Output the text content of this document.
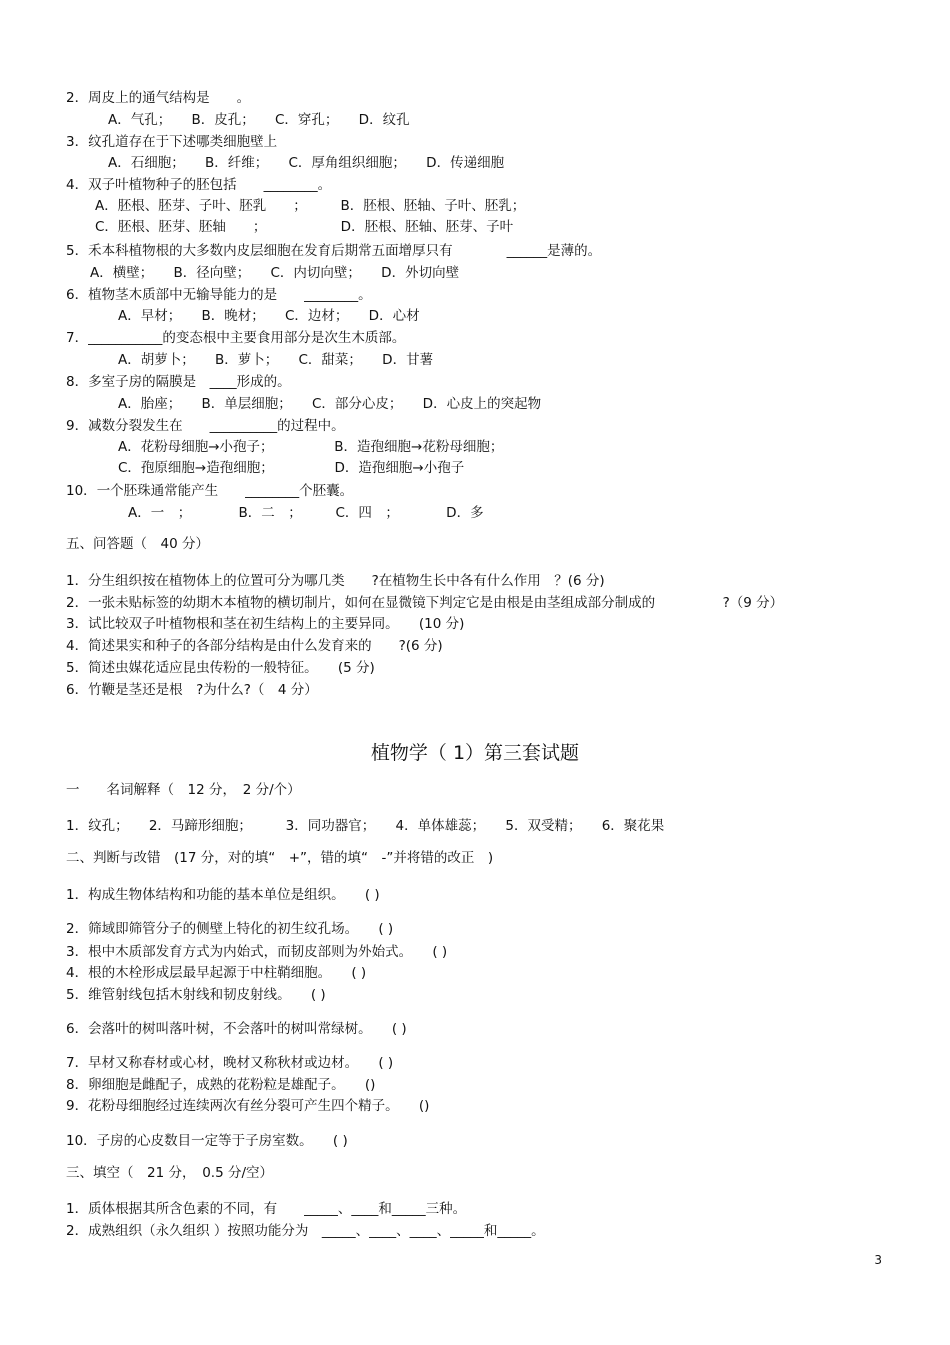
2．周皮上的通气结构是　　。
A．气孔；　　B．皮孔；　　C．穿孔；　　D．纹孔
3．纹孔道存在于下述哪类细胞壁上
A．石细胞；　　B．纤维；　　C．厚角组织细胞；　　D．传递细胞
4．双子叶植物种子的胚包括　　________。
A．胚根、胚芽、子叶、胚乳　　；　　　B．胚根、胚轴、子叶、胚乳；
C．胚根、胚芽、胚轴　　；　　　　　　D．胚根、胚轴、胚芽、子叶
5．禾本科植物根的大多数内皮层细胞在发育后期常五面增厚只有　　　　______是薄的。
A．横壁；　　B．径向壁；　　C．内切向壁；　　D．外切向壁
6．植物茎木质部中无输导能力的是　　________。
A．早材；　　B．晚材；　　C．边材；　　D．心材
7．___________的变态根中主要食用部分是次生木质部。
A．胡萝卜；　　B．萝卜；　　C．甜菜；　　D．甘薯
8．多室子房的隔膜是　____形成的。
A．胎座；　　B．单层细胞；　　C．部分心皮；　　D．心皮上的突起物
9．减数分裂发生在　　__________的过程中。
A．花粉母细胞→小孢子；　　　　　B．造孢细胞→花粉母细胞；
C．孢原细胞→造孢细胞；　　　　　D．造孢细胞→小孢子
10．一个胚珠通常能产生　　________个胚囊。
A．一　；　　　　B．二　；　　　C．四　；　　　　D．多
五、问答题（　40 分）
1．分生组织按在植物体上的位置可分为哪几类　　?在植物生长中各有什么作用　？(6 分)
2．一张未贴标签的幼期木本植物的横切制片，如何在显微镜下判定它是由根是由茎组成部分制成的　　　　　?（9 分）
3．试比较双子叶植物根和茎在初生结构上的主要异同。　　(10 分)
4．简述果实和种子的各部分结构是由什么发育来的　　?(6 分)
5．简述虫媒花适应昆虫传粉的一般特征。　　(5 分)
6．竹鞭是茎还是根　?为什么?（　4 分）
植物学（ 1）第三套试题
一　　名词解释（　12 分，　2 分/个）
1．纹孔；　　2．马蹄形细胞；　　　3．同功器官；　　4．单体雄蕊；　　5．双受精；　　6．聚花果
二、判断与改错　(17 分，对的填“　+”，错的填“　-”并将错的改正　)
1．构成生物体结构和功能的基本单位是组织。　　( )
2．筛域即筛管分子的侧壁上特化的初生纹孔场。　　( )
3．根中木质部发育方式为内始式，而韧皮部则为外始式。　　( )
4．根的木栓形成层最早起源于中柱鞘细胞。　　( )
5．维管射线包括木射线和韧皮射线。　　( )
6．会落叶的树叫落叶树，不会落叶的树叫常绿树。　　( )
7．早材又称春材或心材，晚材又称秋材或边材。　　( )
8．卵细胞是雌配子，成熟的花粉粒是雄配子。　　()
9．花粉母细胞经过连续两次有丝分裂可产生四个精子。　　()
10．子房的心皮数目一定等于子房室数。　　( )
三、填空（　21 分，　0.5 分/空）
1．质体根据其所含色素的不同，有　　_____、____和_____三种。
2．成熟组织（永久组织 ）按照功能分为　_____、____、____、_____和_____。
3
